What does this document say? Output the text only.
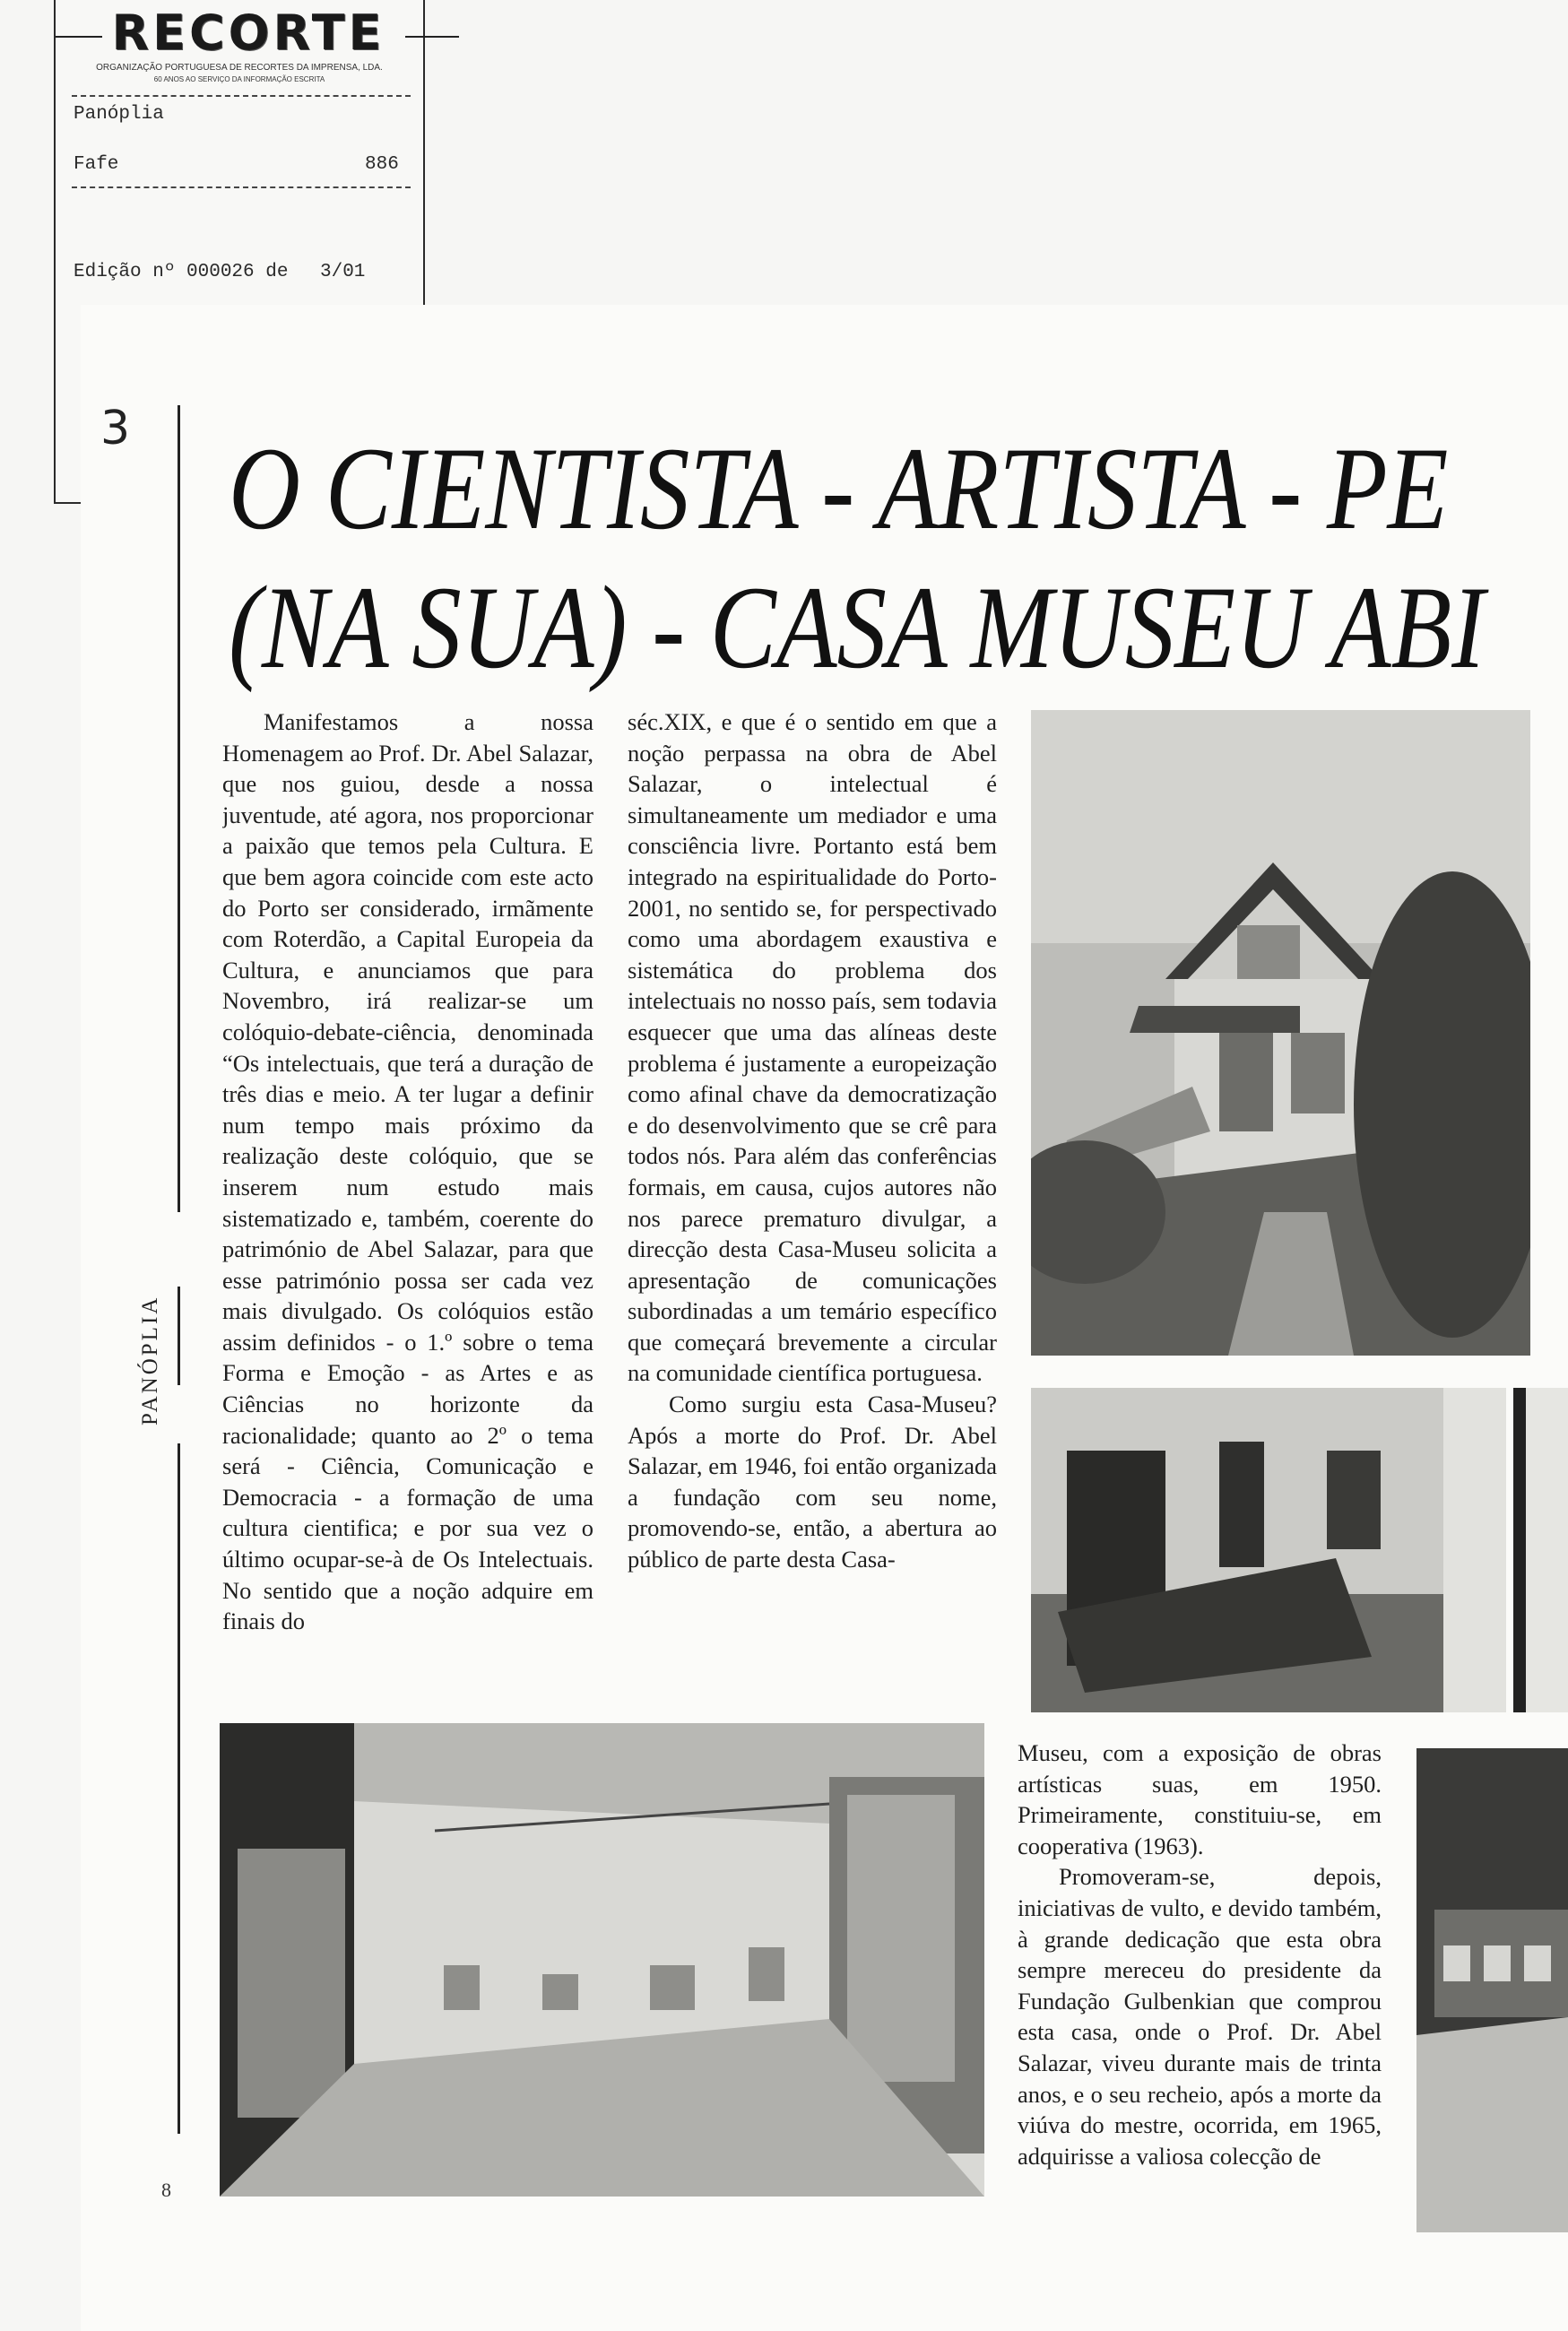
RECORTE
ORGANIZAÇÃO PORTUGUESA DE RECORTES DA IMPRENSA, LDA.
60 ANOS AO SERVIÇO DA INFORMAÇÃO ESCRITA
Panóplia
Fafe	886
Edição nº 000026 de 3/01
3
PANÓPLIA
8
O CIENTISTA - ARTISTA - PE
(NA SUA) - CASA MUSEU ABI

Manifestamos a nossa Homenagem ao Prof. Dr. Abel Salazar, que nos guiou, desde a nossa juventude, até agora, nos proporcionar a paixão que temos pela Cultura. E que bem agora coincide com este acto do Porto ser considerado, irmãmente com Roterdão, a Capital Europeia da Cultura, e anunciamos que para Novembro, irá realizar-se um colóquio-debate-ciência, denominada “Os intelectuais, que terá a duração de três dias e meio. A ter lugar a definir num tempo mais próximo da realização deste colóquio, que se inserem num estudo mais sistematizado e, também, coerente do património de Abel Salazar, para que esse património possa ser cada vez mais divulgado. Os colóquios estão assim definidos - o 1.º sobre o tema Forma e Emoção - as Artes e as Ciências no horizonte da racionalidade; quanto ao 2º o tema será - Ciência, Comunicação e Democracia - a formação de uma cultura cientifica; e por sua vez o último ocupar-se-à de Os Intelectuais. No sentido que a noção adquire em finais do

séc.XIX, e que é o sentido em que a noção perpassa na obra de Abel Salazar, o intelectual é simultaneamente um mediador e uma consciência livre. Portanto está bem integrado na espiritualidade do Porto-2001, no sentido se, for perspectivado como uma abordagem exaustiva e sistemática do problema dos intelectuais no nosso país, sem todavia esquecer que uma das alíneas deste problema é justamente a europeização como afinal chave da democratização e do desenvolvimento que se crê para todos nós. Para além das conferências formais, em causa, cujos autores não nos parece prematuro divulgar, a direcção desta Casa-Museu solicita a apresentação de comunicações subordinadas a um temário específico que começará brevemente a circular na comunidade científica portuguesa.

Como surgiu esta Casa-Museu? Após a morte do Prof. Dr. Abel Salazar, em 1946, foi então organizada a fundação com seu nome, promovendo-se, então, a abertura ao público de parte desta Casa-

Museu, com a exposição de obras artísticas suas, em 1950. Primeiramente, constituiu-se, em cooperativa (1963).

Promoveram-se, depois, iniciativas de vulto, e devido também, à grande dedicação que esta obra sempre mereceu do presidente da Fundação Gulbenkian que comprou esta casa, onde o Prof. Dr. Abel Salazar, viveu durante mais de trinta anos, e o seu recheio, após a morte da viúva do mestre, ocorrida, em 1965, adquirisse a valiosa colecção de
